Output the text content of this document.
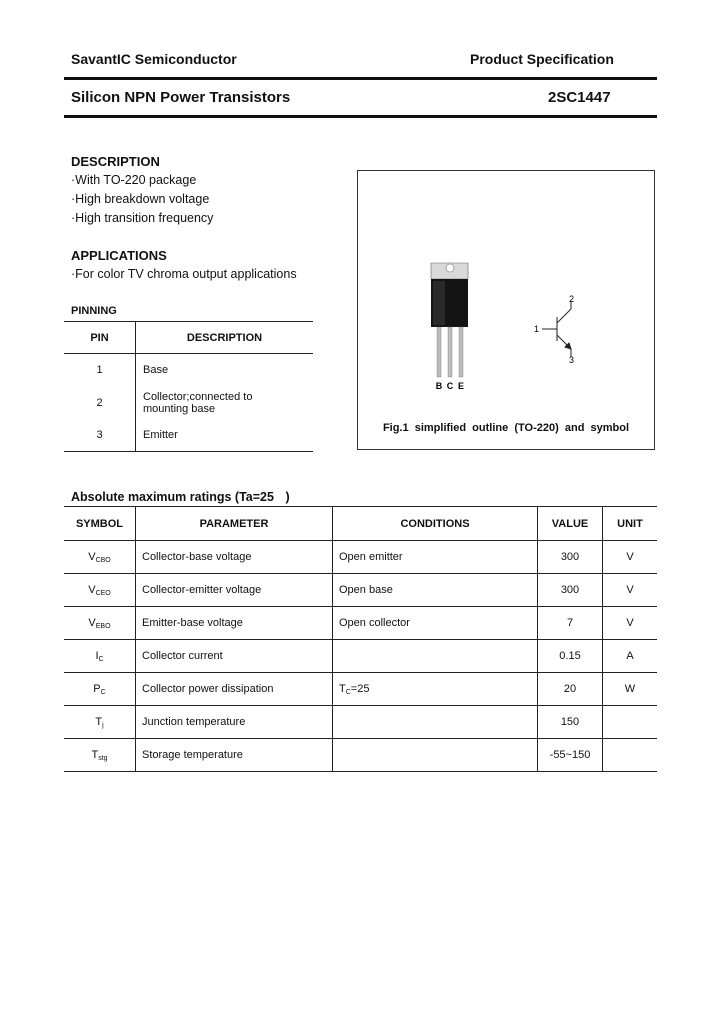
SavantIC Semiconductor	Product Specification
Silicon NPN Power Transistors	2SC1447
DESCRIPTION
·With TO-220 package
·High breakdown voltage
·High transition frequency
APPLICATIONS
·For color TV chroma output applications
PINNING
PIN	DESCRIPTION
1	Base
2	Collector;connected to
mounting base

3	Emitter
B C E
1
2
3
Fig.1  simplified  outline  (TO-220)  and  symbol
Absolute maximum ratings (Ta=25 )
SYMBOL	PARAMETER	CONDITIONS	VALUE	UNIT
$V_{CBO}$	Collector-base voltage	Open emitter	300	V
$V_{CEO}$	Collector-emitter voltage	Open base	300	V
$V_{EBO}$	Emitter-base voltage	Open collector	7	V
$I_C$	Collector current		0.15	A
$P_C$	Collector power dissipation	$T_C=25$	20	W
$T_j$	Junction temperature		150	
$T_{stg}$	Storage temperature		-55~150	
